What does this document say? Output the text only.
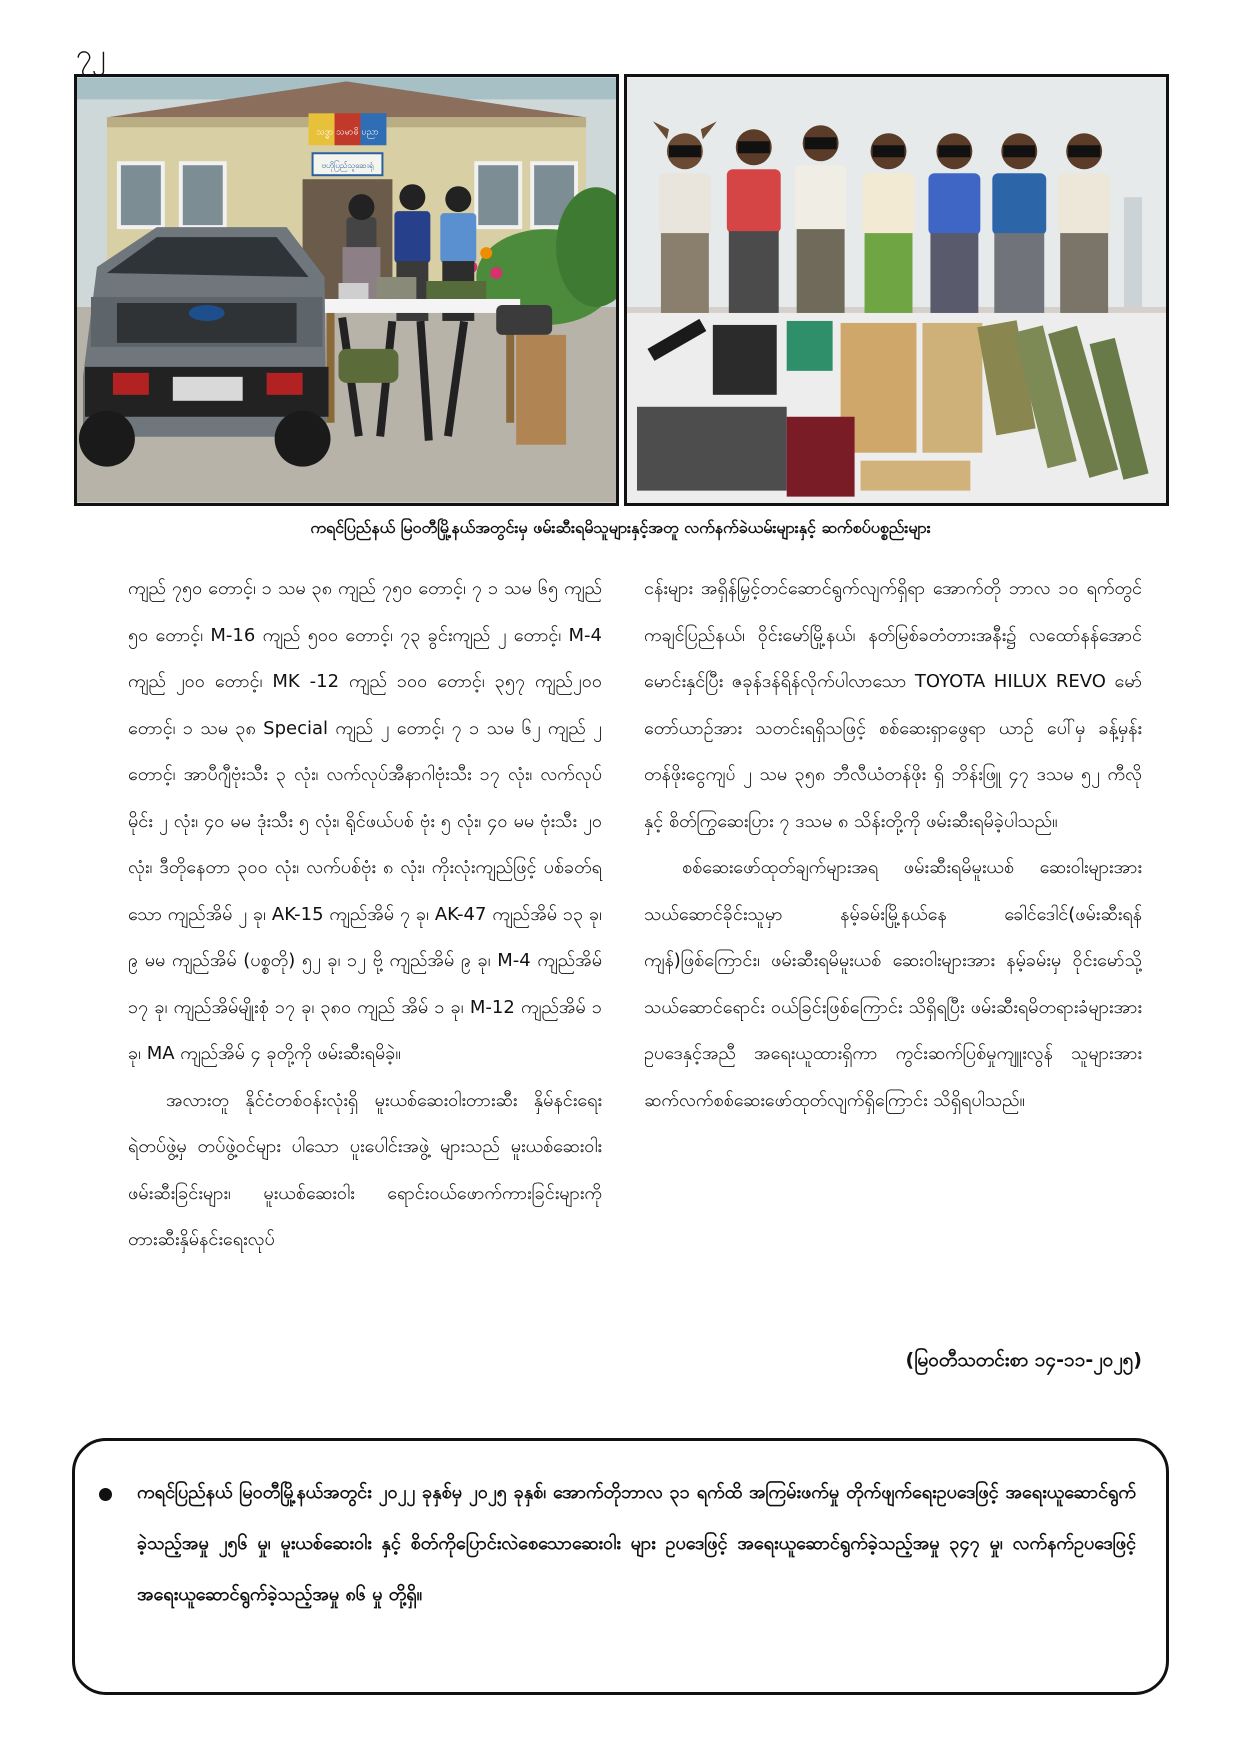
၇၂
သဒ္ဓာ သမာဓိ ပညာ
ဗဟိုပြည်သူဆေးရုံ
ကရင်ပြည်နယ် မြဝတီမြို့နယ်အတွင်းမှ ဖမ်းဆီးရမိသူများနှင့်အတူ လက်နက်ခဲယမ်းများနှင့် ဆက်စပ်ပစ္စည်းများ

ကျည် ၇၅၀ တောင့်၊ ၁ သမ ၃၈ ကျည် ၇၅၀ တောင့်၊ ၇ ၁ သမ ၆၅ ကျည် ၅၀ တောင့်၊ M-16 ကျည် ၅၀၀ တောင့်၊ ၇၃ ခွင်းကျည် ၂ တောင့်၊ M-4 ကျည် ၂၀၀ တောင့်၊ MK -12 ကျည် ၁၀၀ တောင့်၊ ၃၅၇ ကျည်၂၀၀ တောင့်၊ ၁ သမ ၃၈ Special ကျည် ၂ တောင့်၊ ၇ ၁ သမ ၆၂ ကျည် ၂ တောင့်၊ အာပီဂျီဗုံးသီး ၃ လုံး၊ လက်လုပ်အီနာဂါဗုံးသီး ၁၇ လုံး၊ လက်လုပ် မိုင်း ၂ လုံး၊ ၄၀ မမ ဒုံးသီး ၅ လုံး၊ ရိုင်ဖယ်ပစ် ဗုံး ၅ လုံး၊ ၄၀ မမ ဗုံးသီး ၂၀ လုံး၊ ဒီတိုနေတာ ၃၀၀ လုံး၊ လက်ပစ်ဗုံး ၈ လုံး၊ ကိုးလုံးကျည်ဖြင့် ပစ်ခတ်ရသော ကျည်အိမ် ၂ ခု၊ AK-15 ကျည်အိမ် ၇ ခု၊ AK-47 ကျည်အိမ် ၁၃ ခု၊ ၉ မမ ကျည်အိမ် (ပစ္စတို) ၅၂ ခု၊ ၁၂ ဗို့ ကျည်အိမ် ၉ ခု၊ M-4 ကျည်အိမ် ၁၇ ခု၊ ကျည်အိမ်မျိုးစုံ ၁၇ ခု၊ ၃၈၀ ကျည် အိမ် ၁ ခု၊ M-12 ကျည်အိမ် ၁ ခု၊ MA ကျည်အိမ် ၄ ခုတို့ကို ဖမ်းဆီးရမိခဲ့။

အလားတူ နိုင်ငံတစ်ဝန်းလုံးရှိ မူးယစ်ဆေးဝါးတားဆီး နှိမ်နင်းရေးရဲတပ်ဖွဲ့မှ တပ်ဖွဲ့ဝင်များ ပါသော ပူးပေါင်းအဖွဲ့ များသည် မူးယစ်ဆေးဝါးဖမ်းဆီးခြင်းများ၊ မူးယစ်ဆေးဝါး ရောင်းဝယ်ဖောက်ကားခြင်းများကို တားဆီးနှိမ်နင်းရေးလုပ်

ငန်းများ အရှိန်မြှင့်တင်ဆောင်ရွက်လျက်ရှိရာ အောက်တို ဘာလ ၁၀ ရက်တွင် ကချင်ပြည်နယ်၊ ဝိုင်းမော်မြို့နယ်၊ နတ်မြစ်ခတံတားအနီး၌ လထော်နန်အောင် မောင်းနှင်ပြီး ဇခုန်ဒန်ရိန်လိုက်ပါလာသော TOYOTA HILUX REVO မော် တော်ယာဉ်အား သတင်းရရှိသဖြင့် စစ်ဆေးရှာဖွေရာ ယာဉ် ပေါ်မှ ခန့်မှန်းတန်ဖိုးငွေကျပ် ၂ သမ ၃၅၈ ဘီလီယံတန်ဖိုး ရှိ ဘိန်းဖြူ ၄၇ ဒသမ ၅၂ ကီလိုနှင့် စိတ်ကြွဆေးပြား ၇ ဒသမ ၈ သိန်းတို့ကို ဖမ်းဆီးရမိခဲ့ပါသည်။

စစ်ဆေးဖော်ထုတ်ချက်များအရ ဖမ်းဆီးရမိမူးယစ် ဆေးဝါးများအား သယ်ဆောင်ခိုင်းသူမှာ နမ့်ခမ်းမြို့နယ်နေ ခေါင်ဒေါင်(ဖမ်းဆီးရန်ကျန်)ဖြစ်ကြောင်း၊ ဖမ်းဆီးရမိမူးယစ် ဆေးဝါးများအား နမ့်ခမ်းမှ ဝိုင်းမော်သို့ သယ်ဆောင်ရောင်း ဝယ်ခြင်းဖြစ်ကြောင်း သိရှိရပြီး ဖမ်းဆီးရမိတရားခံများအား ဥပဒေနှင့်အညီ အရေးယူထားရှိကာ ကွင်းဆက်ပြစ်မှုကျူးလွန် သူများအား ဆက်လက်စစ်ဆေးဖော်ထုတ်လျက်ရှိကြောင်း သိရှိရပါသည်။

(မြဝတီသတင်းစာ ၁၄-၁၁-၂၀၂၅)
ကရင်ပြည်နယ် မြဝတီမြို့နယ်အတွင်း ၂၀၂၂ ခုနှစ်မှ ၂၀၂၅ ခုနှစ်၊ အောက်တိုဘာလ ၃၁ ရက်ထိ အကြမ်းဖက်မှု တိုက်ဖျက်ရေးဥပဒေဖြင့် အရေးယူဆောင်ရွက်ခဲ့သည့်အမှု ၂၅၆ မှု၊ မူးယစ်ဆေးဝါး နှင့် စိတ်ကိုပြောင်းလဲစေသောဆေးဝါး များ ဥပဒေဖြင့် အရေးယူဆောင်ရွက်ခဲ့သည့်အမှု ၃၄၇ မှု၊ လက်နက်ဥပဒေဖြင့် အရေးယူဆောင်ရွက်ခဲ့သည့်အမှု ၈၆ မှု တို့ရှိ။
